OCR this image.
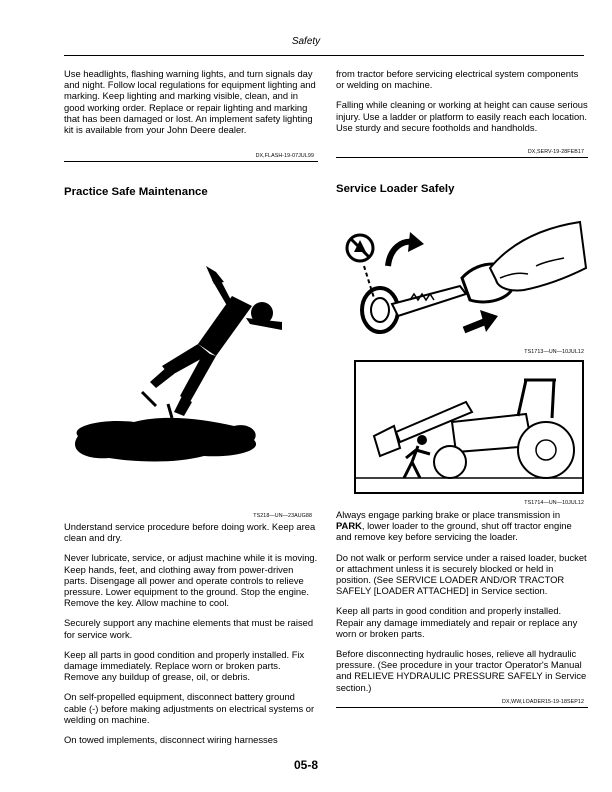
Safety

Use headlights, flashing warning lights, and turn signals day and night. Follow local regulations for equipment lighting and marking. Keep lighting and marking visible, clean, and in good working order. Replace or repair lighting and marking that has been damaged or lost. An implement safety lighting kit is available from your John Deere dealer.

DX,FLASH-19-07JUL99
Practice Safe Maintenance
TS218—UN—23AUG88

Understand service procedure before doing work. Keep area clean and dry.

Never lubricate, service, or adjust machine while it is moving. Keep hands, feet, and clothing away from power-driven parts. Disengage all power and operate controls to relieve pressure. Lower equipment to the ground. Stop the engine. Remove the key. Allow machine to cool.

Securely support any machine elements that must be raised for service work.

Keep all parts in good condition and properly installed. Fix damage immediately. Replace worn or broken parts. Remove any buildup of grease, oil, or debris.

On self-propelled equipment, disconnect battery ground cable (-) before making adjustments on electrical systems or welding on machine.

On towed implements, disconnect wiring harnesses

from tractor before servicing electrical system components or welding on machine.

Falling while cleaning or working at height can cause serious injury. Use a ladder or platform to easily reach each location. Use sturdy and secure footholds and handholds.

DX,SERV-19-28FEB17
Service Loader Safely
TS1713—UN—10JUL12
TS1714—UN—10JUL12

Always engage parking brake or place transmission in PARK, lower loader to the ground, shut off tractor engine and remove key before servicing the loader.

Do not walk or perform service under a raised loader, bucket or attachment unless it is securely blocked or held in position. (See SERVICE LOADER AND/OR TRACTOR SAFELY [LOADER ATTACHED] in Service section.

Keep all parts in good condition and properly installed. Repair any damage immediately and repair or replace any worn or broken parts.

Before disconnecting hydraulic hoses, relieve all hydraulic pressure. (See procedure in your tractor Operator's Manual and RELIEVE HYDRAULIC PRESSURE SAFELY in Service section.)

DX,WW,LOADER15-19-18SEP12
05-8
